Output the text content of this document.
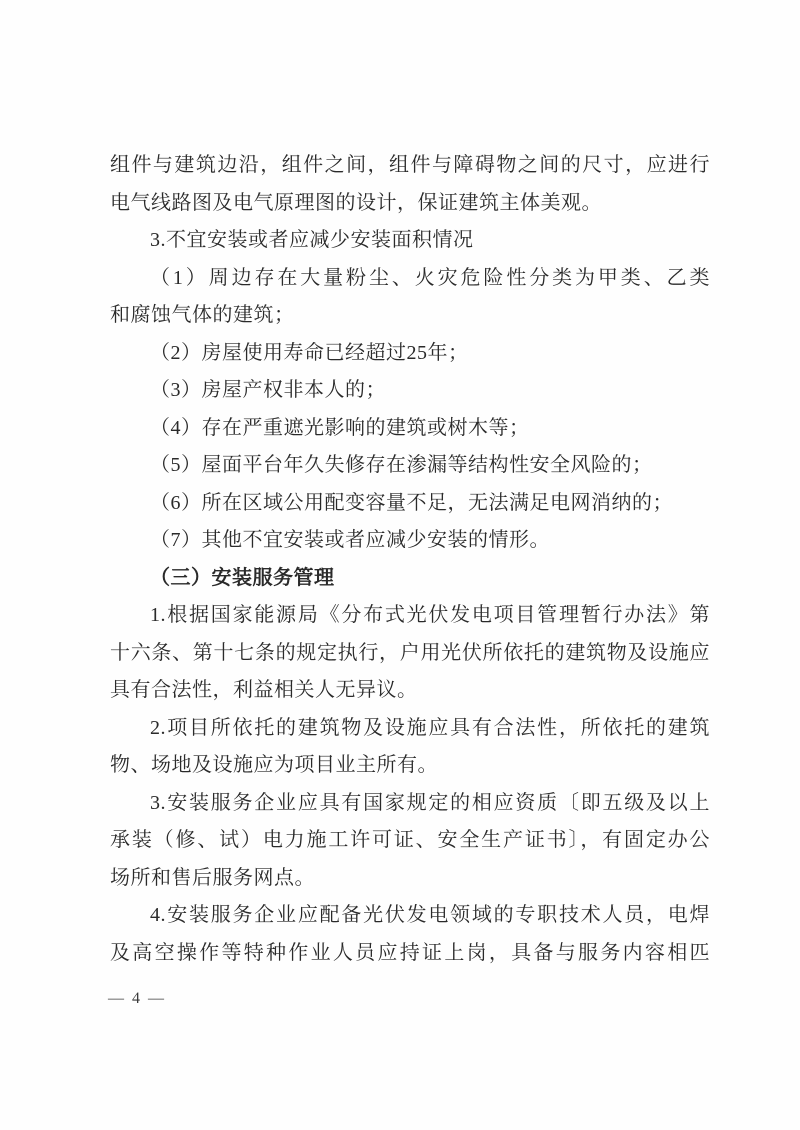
组件与建筑边沿，组件之间，组件与障碍物之间的尺寸，应进行
电气线路图及电气原理图的设计，保证建筑主体美观。
3.不宜安装或者应减少安装面积情况
（1）周边存在大量粉尘、火灾危险性分类为甲类、乙类
和腐蚀气体的建筑；
（2）房屋使用寿命已经超过25年；
（3）房屋产权非本人的；
（4）存在严重遮光影响的建筑或树木等；
（5）屋面平台年久失修存在渗漏等结构性安全风险的；
（6）所在区域公用配变容量不足，无法满足电网消纳的；
（7）其他不宜安装或者应减少安装的情形。
（三）安装服务管理
1.根据国家能源局《分布式光伏发电项目管理暂行办法》第
十六条、第十七条的规定执行，户用光伏所依托的建筑物及设施应
具有合法性，利益相关人无异议。
2.项目所依托的建筑物及设施应具有合法性，所依托的建筑
物、场地及设施应为项目业主所有。
3.安装服务企业应具有国家规定的相应资质〔即五级及以上
承装（修、试）电力施工许可证、安全生产证书〕，有固定办公
场所和售后服务网点。
4.安装服务企业应配备光伏发电领域的专职技术人员，电焊
及高空操作等特种作业人员应持证上岗，具备与服务内容相匹
— 4 —
